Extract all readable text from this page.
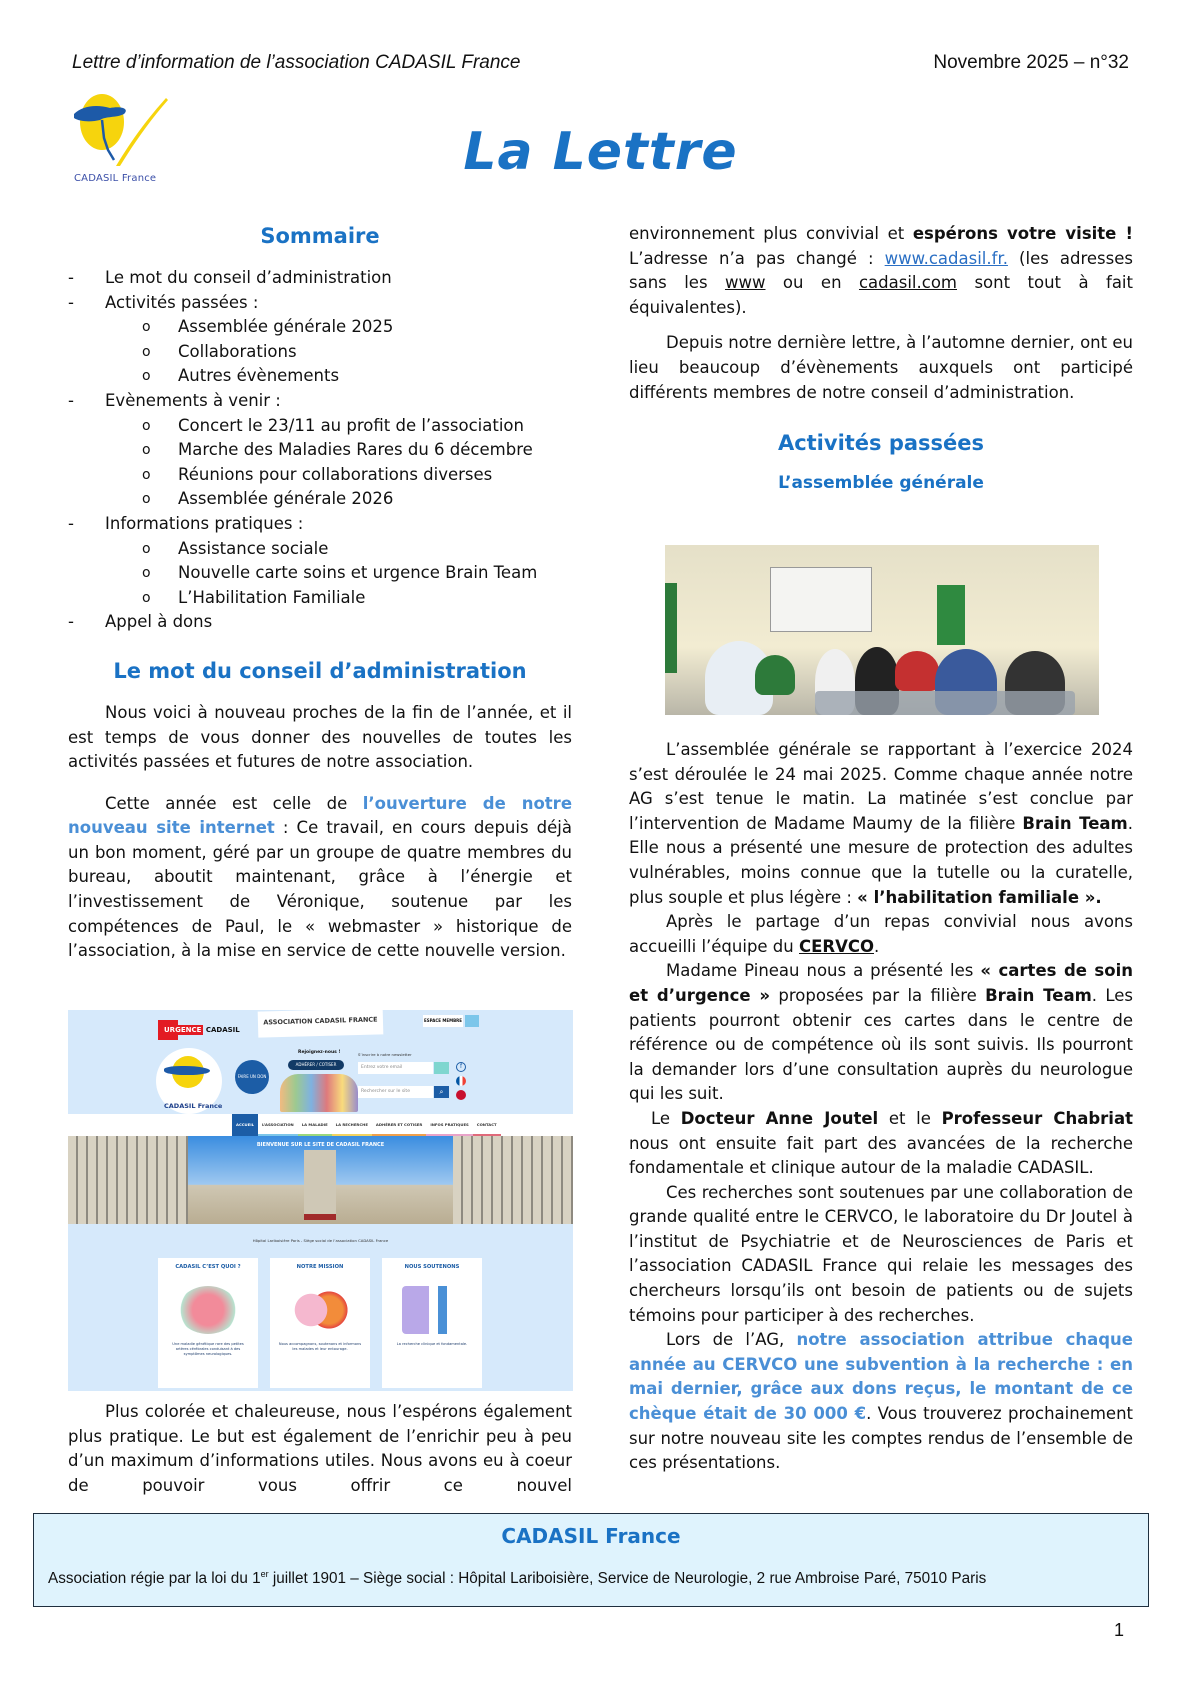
Lettre d’information de l’association CADASIL France	Novembre 2025 – n°32
CADASIL France	La Lettre
Sommaire
- Le mot du conseil d’administration
- Activités passées :
o Assemblée générale 2025
o Collaborations
o Autres évènements
- Evènements à venir :
o Concert le 23/11 au profit de l’association
o Marche des Maladies Rares du 6 décembre
o Réunions pour collaborations diverses
o Assemblée générale 2026
- Informations pratiques :
o Assistance sociale
o Nouvelle carte soins et urgence Brain Team
o L’Habilitation Familiale
- Appel à dons
Le mot du conseil d’administration

Nous voici à nouveau proches de la fin de l’année, et il est temps de vous donner des nouvelles de toutes les activités passées et futures de notre association.

Cette année est celle de l’ouverture de notre nouveau site internet : Ce travail, en cours depuis déjà un bon moment, géré par un groupe de quatre membres du bureau, aboutit maintenant, grâce à l’énergie et l’investissement de Véronique, soutenue par les compétences de Paul, le « webmaster » historique de l’association, à la mise en service de cette nouvelle version.

URGENCE CADASIL
ASSOCIATION CADASIL FRANCE	ESPACE MEMBRE
CADASIL France
FAIRE UN DON
Rejoignez-nous !
ADHÉRER / COTISER
S’inscrire à notre newsletter
Entrez votre email
Rechercher sur le site	⌕
f
ACCUEIL	L’ASSOCIATION	LA MALADIE	LA RECHERCHE	ADHÉRER ET COTISER	INFOS PRATIQUES	CONTACT
BIENVENUE SUR LE SITE DE CADASIL FRANCE
Hôpital Lariboisière Paris - Siège social de l’association CADASIL France
CADASIL C’EST QUOI ?
Une maladie génétique rare des petites artères cérébrales conduisant à des symptômes neurologiques.
NOTRE MISSION
Nous accompagnons, soutenons et informons les malades et leur entourage.
NOUS SOUTENONS
La recherche clinique et fondamentale.

Plus colorée et chaleureuse, nous l’espérons également plus pratique. Le but est également de l’enrichir peu à peu d’un maximum d’informations utiles. Nous avons eu à coeur de pouvoir vous offrir ce nouvel

environnement plus convivial et espérons votre visite ! L’adresse n’a pas changé : www.cadasil.fr. (les adresses sans les www ou en cadasil.com sont tout à fait équivalentes).

Depuis notre dernière lettre, à l’automne dernier, ont eu lieu beaucoup d’évènements auxquels ont participé différents membres de notre conseil d’administration.

Activités passées
L’assemblée générale

L’assemblée générale se rapportant à l’exercice 2024 s’est déroulée le 24 mai 2025. Comme chaque année notre AG s’est tenue le matin. La matinée s’est conclue par l’intervention de Madame Maumy de la filière Brain Team. Elle nous a présenté une mesure de protection des adultes vulnérables, moins connue que la tutelle ou la curatelle, plus souple et plus légère : « l’habilitation familiale ».

Après le partage d’un repas convivial nous avons accueilli l’équipe du CERVCO.

Madame Pineau nous a présenté les « cartes de soin et d’urgence » proposées par la filière Brain Team. Les patients pourront obtenir ces cartes dans le centre de référence ou de compétence où ils sont suivis. Ils pourront la demander lors d’une consultation auprès du neurologue qui les suit.

Le Docteur Anne Joutel et le Professeur Chabriat nous ont ensuite fait part des avancées de la recherche fondamentale et clinique autour de la maladie CADASIL.

Ces recherches sont soutenues par une collaboration de grande qualité entre le CERVCO, le laboratoire du Dr Joutel à l’institut de Psychiatrie et de Neurosciences de Paris et l’association CADASIL France qui relaie les messages des chercheurs lorsqu’ils ont besoin de patients ou de sujets témoins pour participer à des recherches.

Lors de l’AG, notre association attribue chaque année au CERVCO une subvention à la recherche : en mai dernier, grâce aux dons reçus, le montant de ce chèque était de 30 000 €. Vous trouverez prochainement sur notre nouveau site les comptes rendus de l’ensemble de ces présentations.

CADASIL France
Association régie par la loi du 1er juillet 1901 – Siège social : Hôpital Lariboisière, Service de Neurologie, 2 rue Ambroise Paré, 75010 Paris
1
